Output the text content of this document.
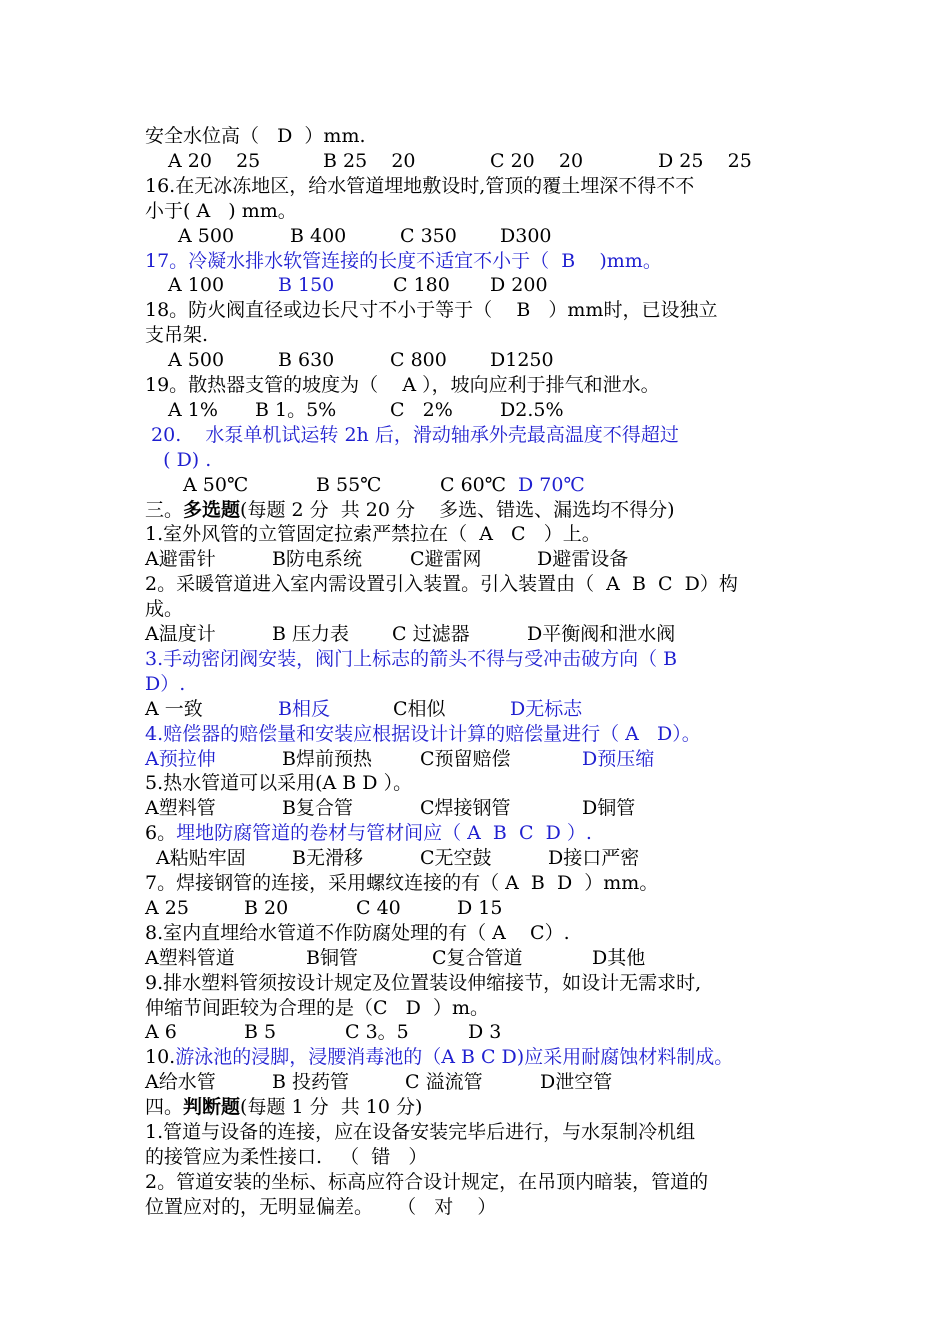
安全水位高（   D  ）mm.
A 20    25	B 25    20	C 20    20	D 25    25
16.在无冰冻地区，给水管道埋地敷设时,管顶的覆土埋深不得不不
小于( A   ) mm。
A 500	B 400	C 350 D300
17。冷凝水排水软管连接的长度不适宜不小于（  B    )mm。
A 100	B 150	C 180 D 200
18。防火阀直径或边长尺寸不小于等于（    B   ）mm时，已设独立
支吊架.
A 500	B 630	C 800 D1250
19。散热器支管的坡度为（    A ），坡向应利于排气和泄水。
A 1% B 1。5%	C   2% D2.5%
20.    水泵单机试运转 2h 后，滑动轴承外壳最高温度不得超过
( D) .
A 50℃	B 55℃	C 60℃ D 70℃
三。多选题(每题 2 分  共 20 分    多选、错选、漏选均不得分)
1.室外风管的立管固定拉索严禁拉在（  A   C   ）上。
A避雷针	B防电系统	C避雷网	D避雷设备
2。采暖管道进入室内需设置引入装置。引入装置由（  A  B  C  D）构
成。
A温度计	B 压力表 C 过滤器	D平衡阀和泄水阀
3.手动密闭阀安装，阀门上标志的箭头不得与受冲击破方向（ B
D）.
A 一致	B相反	C相似	D无标志
4.赔偿器的赔偿量和安装应根据设计计算的赔偿量进行（ A   D）。
A预拉伸	B焊前预热	C预留赔偿	D预压缩
5.热水管道可以采用(A B D ）。
A塑料管	B复合管	C焊接钢管	D铜管
6。埋地防腐管道的卷材与管材间应（ A  B  C  D ）.
A粘贴牢固 B无滑移	C无空鼓	D接口严密
7。焊接钢管的连接，采用螺纹连接的有（ A  B  D  ）mm。
A 25	B 20	C 40	D 15
8.室内直埋给水管道不作防腐处理的有（ A    C）.
A塑料管道	B铜管	C复合管道	D其他
9.排水塑料管须按设计规定及位置装设伸缩接节，如设计无需求时,
伸缩节间距较为合理的是（C   D  ）m。
A 6	B 5	C 3。5	D 3
10.游泳池的浸脚，浸腰消毒池的（A B C D)应采用耐腐蚀材料制成。
A给水管	B 投药管	C 溢流管	D泄空管
四。判断题(每题 1 分  共 10 分)
1.管道与设备的连接，应在设备安装完毕后进行，与水泵制冷机组
的接管应为柔性接口.   （  错   ）
2。管道安装的坐标、标高应符合设计规定，在吊顶内暗装，管道的
位置应对的，无明显偏差。    （   对    ）
